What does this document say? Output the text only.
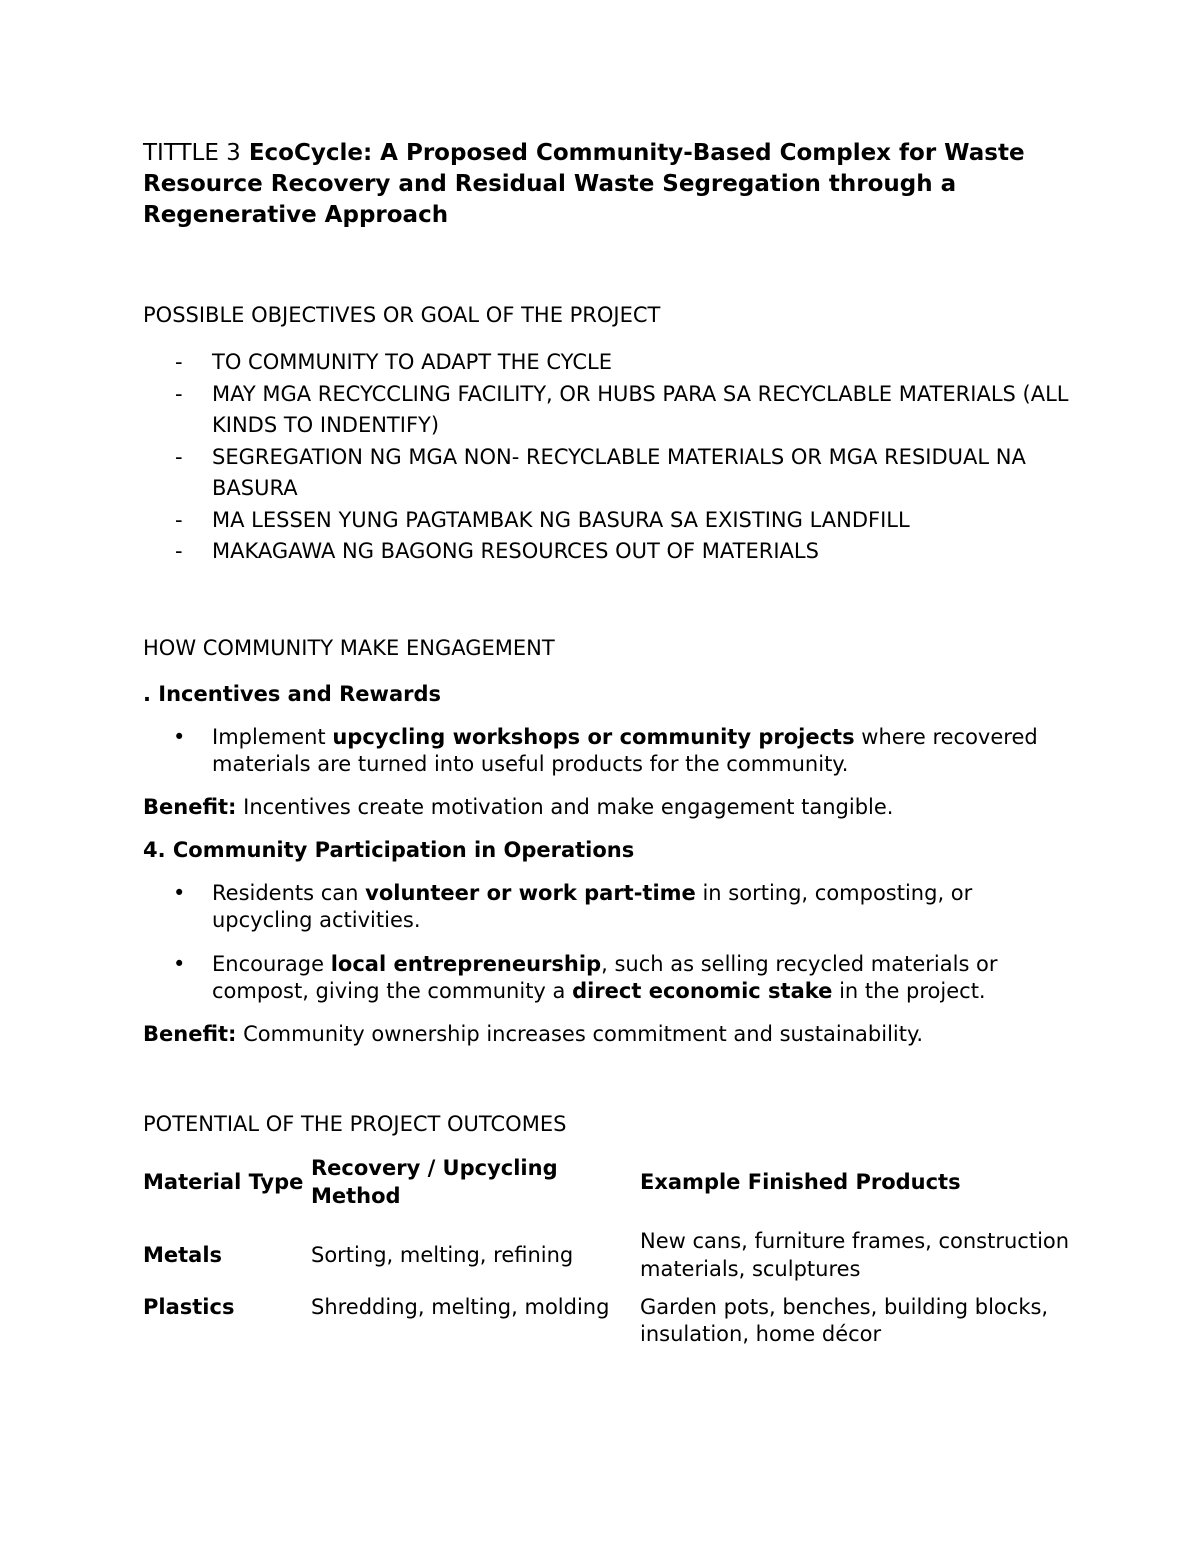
TITTLE 3 EcoCycle: A Proposed Community-Based Complex for Waste Resource Recovery and Residual Waste Segregation through a Regenerative Approach

POSSIBLE OBJECTIVES OR GOAL OF THE PROJECT

- TO COMMUNITY TO ADAPT THE CYCLE
- MAY MGA RECYCCLING FACILITY, OR HUBS PARA SA RECYCLABLE MATERIALS (ALL KINDS TO INDENTIFY)
- SEGREGATION NG MGA NON- RECYCLABLE MATERIALS OR MGA RESIDUAL NA BASURA
- MA LESSEN YUNG PAGTAMBAK NG BASURA SA EXISTING LANDFILL
- MAKAGAWA NG BAGONG RESOURCES OUT OF MATERIALS

HOW COMMUNITY MAKE ENGAGEMENT

. Incentives and Rewards

• Implement upcycling workshops or community projects where recovered materials are turned into useful products for the community.

Benefit: Incentives create motivation and make engagement tangible.

4. Community Participation in Operations

• Residents can volunteer or work part-time in sorting, composting, or upcycling activities.
• Encourage local entrepreneurship, such as selling recycled materials or compost, giving the community a direct economic stake in the project.

Benefit: Community ownership increases commitment and sustainability.

POTENTIAL OF THE PROJECT OUTCOMES

Material Type	Recovery / Upcycling Method	Example Finished Products
Metals	Sorting, melting, refining	New cans, furniture frames, construction materials, sculptures
Plastics	Shredding, melting, molding	Garden pots, benches, building blocks, insulation, home décor
